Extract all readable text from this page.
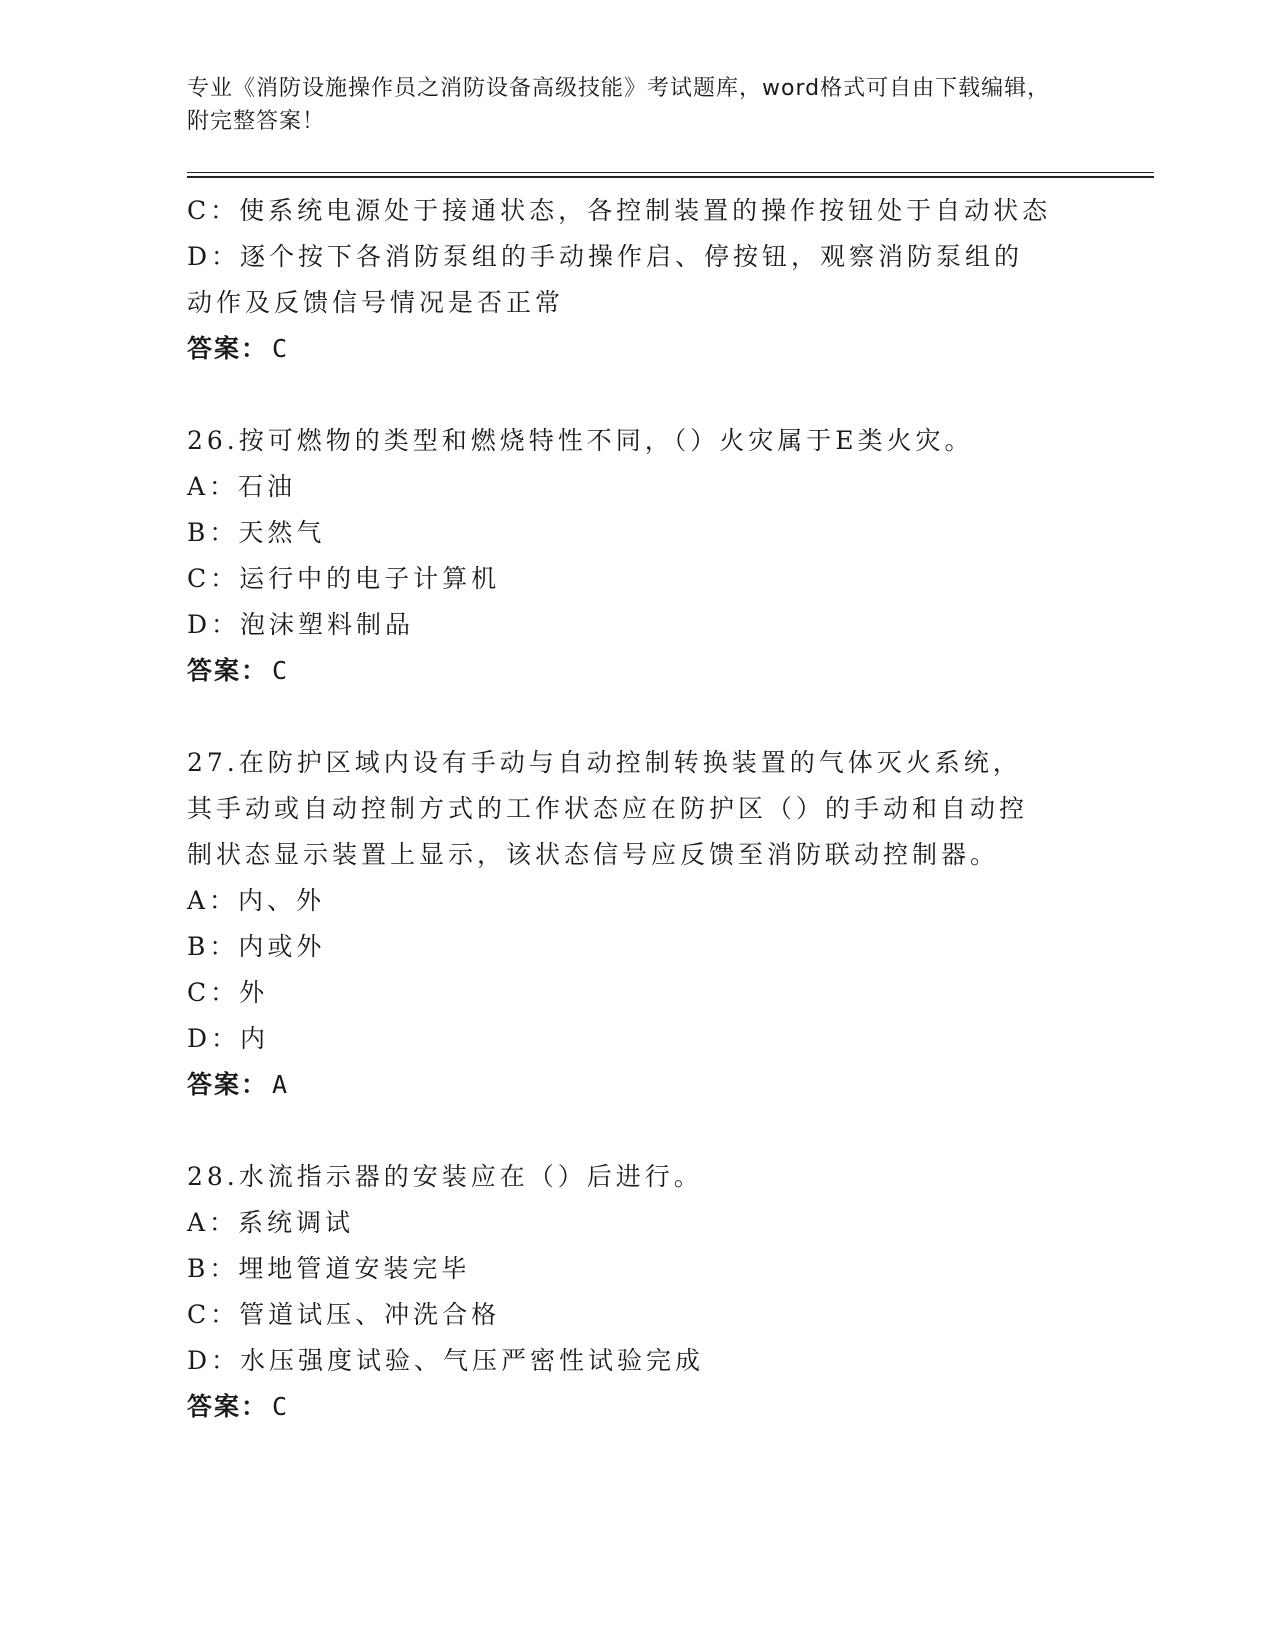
专业《消防设施操作员之消防设备高级技能》考试题库，word格式可自由下载编辑，附完整答案！
C：使系统电源处于接通状态，各控制装置的操作按钮处于自动状态
D：逐个按下各消防泵组的手动操作启、停按钮，观察消防泵组的动作及反馈信号情况是否正常
答案： C
26.按可燃物的类型和燃烧特性不同，（）火灾属于E类火灾。
A：石油
B：天然气
C：运行中的电子计算机
D：泡沫塑料制品
答案： C
27.在防护区域内设有手动与自动控制转换装置的气体灭火系统，其手动或自动控制方式的工作状态应在防护区（）的手动和自动控制状态显示装置上显示，该状态信号应反馈至消防联动控制器。
A：内、外
B：内或外
C：外
D：内
答案： A
28.水流指示器的安装应在（）后进行。
A：系统调试
B：埋地管道安装完毕
C：管道试压、冲洗合格
D：水压强度试验、气压严密性试验完成
答案： C
